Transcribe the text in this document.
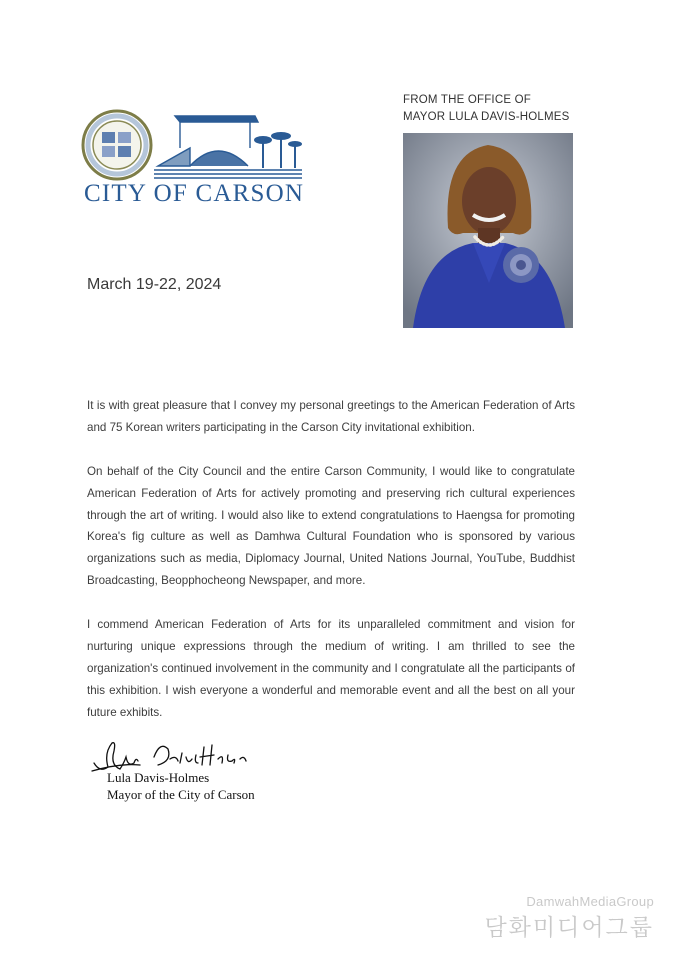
CITY OF CARSON
FROM THE OFFICE OF
MAYOR LULA DAVIS-HOLMES
March 19-22, 2024

It is with great pleasure that I convey my personal greetings to the American Federation of Arts and 75 Korean writers participating in the Carson City invitational exhibition.

On behalf of the City Council and the entire Carson Community, I would like to congratulate American Federation of Arts for actively promoting and preserving rich cultural experiences through the art of writing. I would also like to extend congratulations to Haengsa for promoting Korea's fig culture as well as Damhwa Cultural Foundation who is sponsored by various organizations such as media, Diplomacy Journal, United Nations Journal, YouTube, Buddhist Broadcasting, Beopphocheong Newspaper, and more.

I commend American Federation of Arts for its unparalleled commitment and vision for nurturing unique expressions through the medium of writing. I am thrilled to see the organization's continued involvement in the community and I congratulate all the participants of this exhibition. I wish everyone a wonderful and memorable event and all the best on all your future exhibits.

Lula Davis-Holmes
Mayor of the City of Carson
DamwahMediaGroup
담화미디어그룹
